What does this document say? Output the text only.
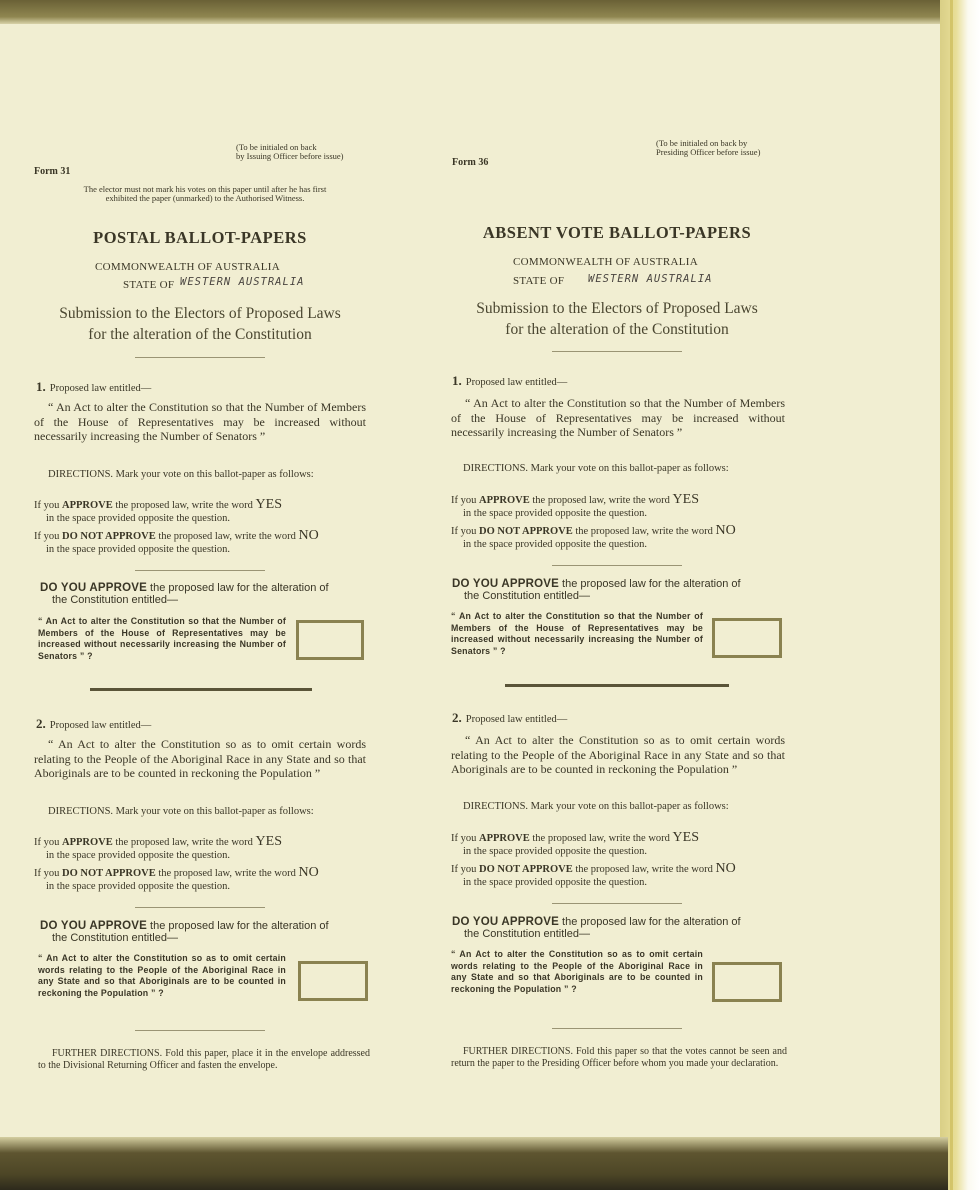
(To be initialed on back
by Issuing Officer before issue)
Form 31
The elector must not mark his votes on this paper until after he has first exhibited the paper (unmarked) to the Authorised Witness.
POSTAL BALLOT-PAPERS
COMMONWEALTH OF AUSTRALIA
STATE OF WESTERN AUSTRALIA
Submission to the Electors of Proposed Laws
for the alteration of the Constitution
1. Proposed law entitled—
“ An Act to alter the Constitution so that the Number of Members of the House of Representatives may be increased without necessarily increasing the Number of Senators ”
DIRECTIONS. Mark your vote on this ballot-paper as follows:
If you APPROVE the proposed law, write the word YES
in the space provided opposite the question.
If you DO NOT APPROVE the proposed law, write the word NO
in the space provided opposite the question.
DO YOU APPROVE the proposed law for the alteration of
the Constitution entitled—
“ An Act to alter the Constitution so that the Number of Members of the House of Representatives may be increased without necessarily increasing the Number of Senators ” ?
2. Proposed law entitled—
“ An Act to alter the Constitution so as to omit certain words relating to the People of the Aboriginal Race in any State and so that Aboriginals are to be counted in reckoning the Population ”
DIRECTIONS. Mark your vote on this ballot-paper as follows:
If you APPROVE the proposed law, write the word YES
in the space provided opposite the question.
If you DO NOT APPROVE the proposed law, write the word NO
in the space provided opposite the question.
DO YOU APPROVE the proposed law for the alteration of
the Constitution entitled—
“ An Act to alter the Constitution so as to omit certain words relating to the People of the Aboriginal Race in any State and so that Aboriginals are to be counted in reckoning the Population ” ?
FURTHER DIRECTIONS. Fold this paper, place it in the envelope addressed to the Divisional Returning Officer and fasten the envelope.
(To be initialed on back by
Presiding Officer before issue)
Form 36
ABSENT VOTE BALLOT-PAPERS
COMMONWEALTH OF AUSTRALIA
STATE OF WESTERN AUSTRALIA
Submission to the Electors of Proposed Laws
for the alteration of the Constitution
1. Proposed law entitled—
“ An Act to alter the Constitution so that the Number of Members of the House of Representatives may be increased without necessarily increasing the Number of Senators ”
DIRECTIONS. Mark your vote on this ballot-paper as follows:
If you APPROVE the proposed law, write the word YES
in the space provided opposite the question.
If you DO NOT APPROVE the proposed law, write the word NO
in the space provided opposite the question.
DO YOU APPROVE the proposed law for the alteration of
the Constitution entitled—
“ An Act to alter the Constitution so that the Number of Members of the House of Representatives may be increased without necessarily increasing the Number of Senators ” ?
2. Proposed law entitled—
“ An Act to alter the Constitution so as to omit certain words relating to the People of the Aboriginal Race in any State and so that Aboriginals are to be counted in reckoning the Population ”
DIRECTIONS. Mark your vote on this ballot-paper as follows:
If you APPROVE the proposed law, write the word YES
in the space provided opposite the question.
If you DO NOT APPROVE the proposed law, write the word NO
in the space provided opposite the question.
DO YOU APPROVE the proposed law for the alteration of
the Constitution entitled—
“ An Act to alter the Constitution so as to omit certain words relating to the People of the Aboriginal Race in any State and so that Aboriginals are to be counted in reckoning the Population ” ?
FURTHER DIRECTIONS. Fold this paper so that the votes cannot be seen and return the paper to the Presiding Officer before whom you made your declaration.
